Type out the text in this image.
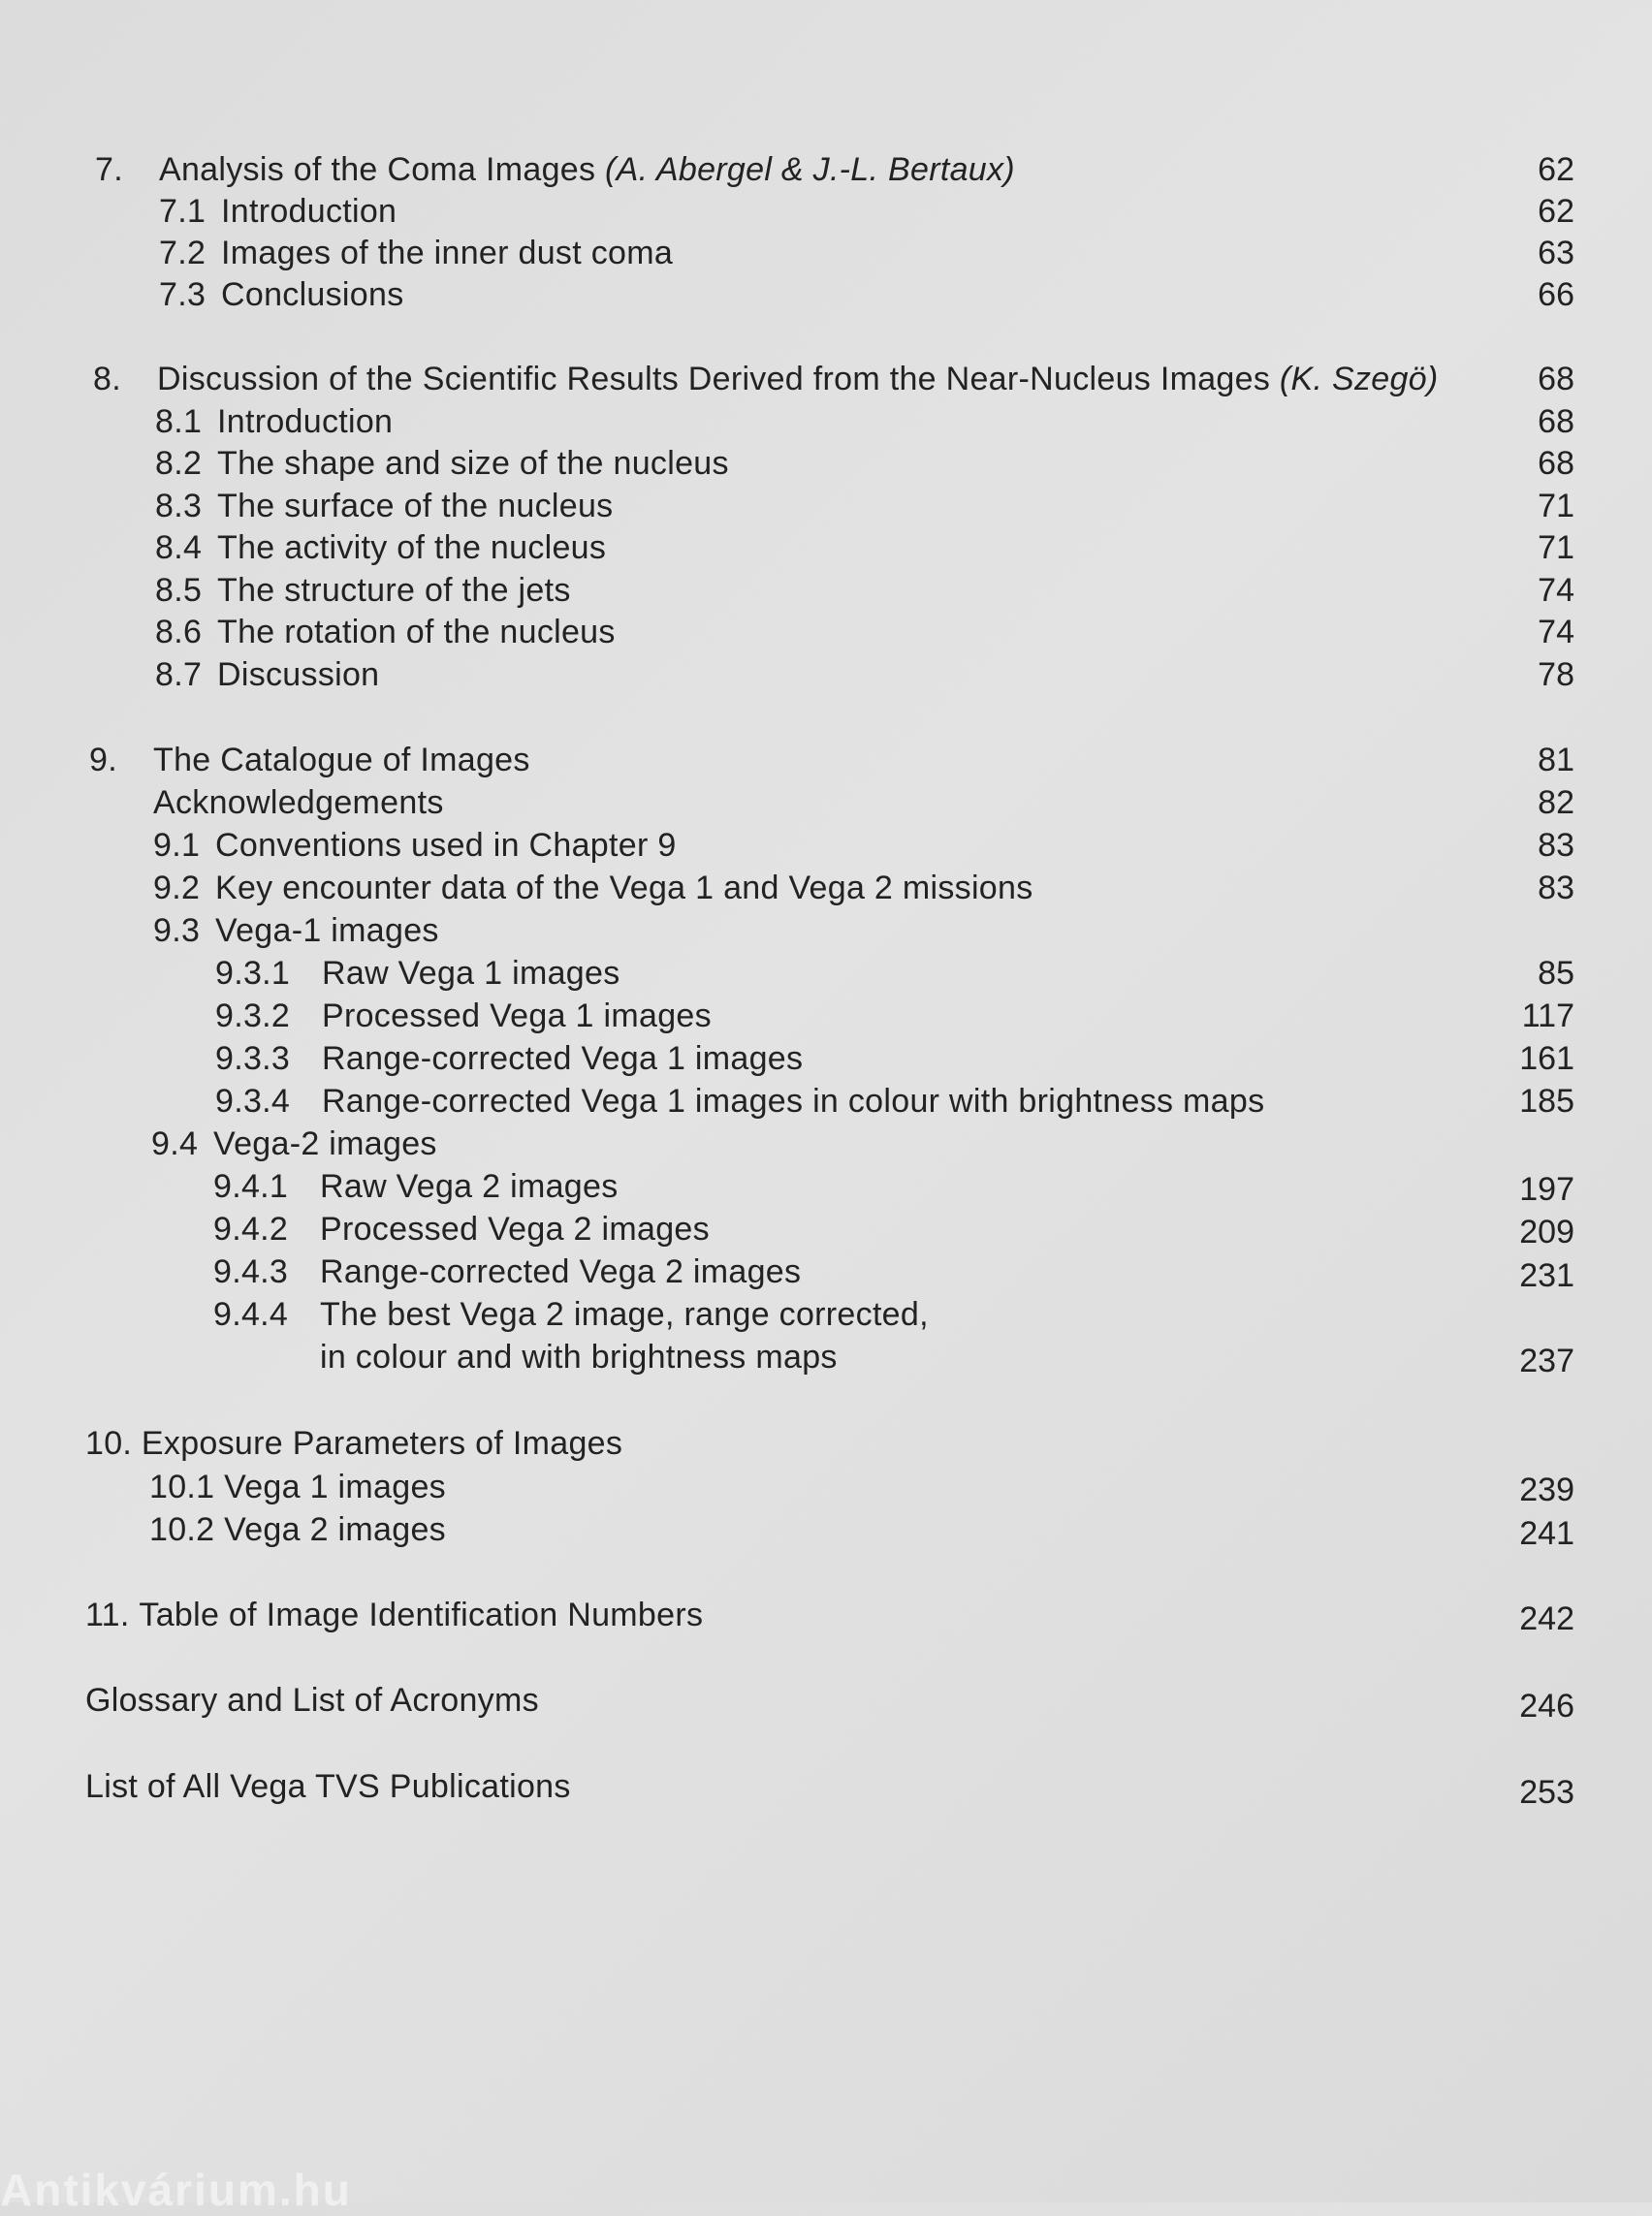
7. Analysis of the Coma Images (A. Abergel & J.-L. Bertaux)	62
7.1 Introduction	62
7.2 Images of the inner dust coma	63
7.3 Conclusions	66
8. Discussion of the Scientific Results Derived from the Near-Nucleus Images (K. Szegö)	68
8.1 Introduction	68
8.2 The shape and size of the nucleus	68
8.3 The surface of the nucleus	71
8.4 The activity of the nucleus	71
8.5 The structure of the jets	74
8.6 The rotation of the nucleus	74
8.7 Discussion	78
9. The Catalogue of Images	81
Acknowledgements	82
9.1 Conventions used in Chapter 9	83
9.2 Key encounter data of the Vega 1 and Vega 2 missions	83
9.3 Vega-1 images
9.3.1 Raw Vega 1 images	85
9.3.2 Processed Vega 1 images	117
9.3.3 Range-corrected Vega 1 images	161
9.3.4 Range-corrected Vega 1 images in colour with brightness maps	185
9.4 Vega-2 images
9.4.1 Raw Vega 2 images	197
9.4.2 Processed Vega 2 images	209
9.4.3 Range-corrected Vega 2 images	231
9.4.4 The best Vega 2 image, range corrected,
in colour and with brightness maps	237
10. Exposure Parameters of Images
10.1 Vega 1 images	239
10.2 Vega 2 images	241
11. Table of Image Identification Numbers	242
Glossary and List of Acronyms	246
List of All Vega TVS Publications	253
Antikvárium.hu
